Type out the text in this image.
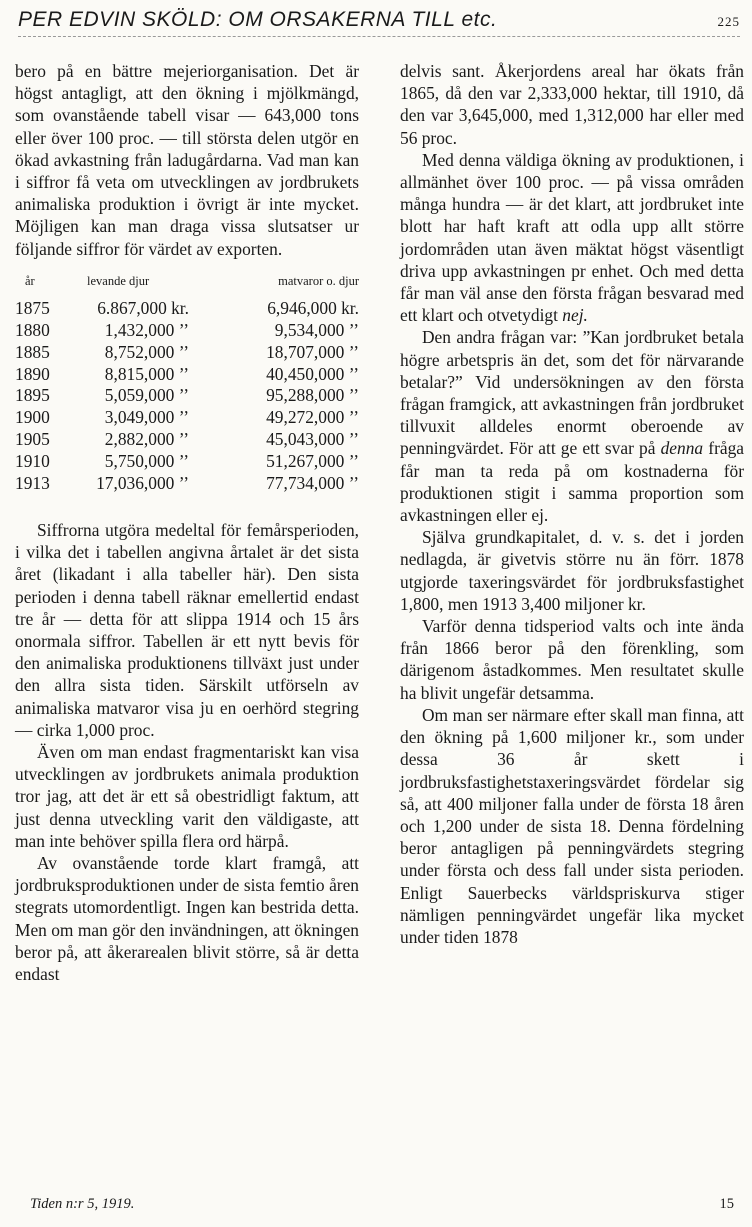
PER EDVIN SKÖLD: OM ORSAKERNA TILL etc.	225

bero på en bättre mejeriorganisation. Det är högst antagligt, att den ökning i mjölkmängd, som ovanstående tabell visar — 643,000 tons eller över 100 proc. — till största delen utgör en ökad avkastning från ladugårdarna. Vad man kan i siffror få veta om utvecklingen av jordbrukets animaliska produktion i övrigt är inte mycket. Möjligen kan man draga vissa slutsatser ur följande siffror för värdet av exporten.

år	levande djur	matvaror o. djur
1875	6.867,000 kr.	6,946,000 kr.
1880	1,432,000 ’’	9,534,000 ’’
1885	8,752,000 ’’	18,707,000 ’’
1890	8,815,000 ’’	40,450,000 ’’
1895	5,059,000 ’’	95,288,000 ’’
1900	3,049,000 ’’	49,272,000 ’’
1905	2,882,000 ’’	45,043,000 ’’
1910	5,750,000 ’’	51,267,000 ’’
1913	17,036,000 ’’	77,734,000 ’’

Siffrorna utgöra medeltal för femårsperioden, i vilka det i tabellen angivna årtalet är det sista året (likadant i alla tabeller här). Den sista perioden i denna tabell räknar emellertid endast tre år — detta för att slippa 1914 och 15 års onormala siffror. Tabellen är ett nytt bevis för den animaliska produktionens tillväxt just under den allra sista tiden. Särskilt utförseln av animaliska matvaror visa ju en oerhörd stegring — cirka 1,000 proc.

Även om man endast fragmentariskt kan visa utvecklingen av jordbrukets animala produktion tror jag, att det är ett så obestridligt faktum, att just denna utveckling varit den väldigaste, att man inte behöver spilla flera ord härpå.

Av ovanstående torde klart framgå, att jordbruksproduktionen under de sista femtio åren stegrats utomordentligt. Ingen kan bestrida detta. Men om man gör den invändningen, att ökningen beror på, att åkerarealen blivit större, så är detta endast

delvis sant. Åkerjordens areal har ökats från 1865, då den var 2,333,000 hektar, till 1910, då den var 3,645,000, med 1,312,000 har eller med 56 proc.

Med denna väldiga ökning av produktionen, i allmänhet över 100 proc. — på vissa områden många hundra — är det klart, att jordbruket inte blott har haft kraft att odla upp allt större jordområden utan även mäktat högst väsentligt driva upp avkastningen pr enhet. Och med detta får man väl anse den första frågan besvarad med ett klart och otvetydigt nej.

Den andra frågan var: ”Kan jordbruket betala högre arbetspris än det, som det för närvarande betalar?” Vid undersökningen av den första frågan framgick, att avkastningen från jordbruket tillvuxit alldeles enormt oberoende av penningvärdet. För att ge ett svar på denna fråga får man ta reda på om kostnaderna för produktionen stigit i samma proportion som avkastningen eller ej.

Själva grundkapitalet, d. v. s. det i jorden nedlagda, är givetvis större nu än förr. 1878 utgjorde taxeringsvärdet för jordbruksfastighet 1,800, men 1913 3,400 miljoner kr.

Varför denna tidsperiod valts och inte ända från 1866 beror på den förenkling, som därigenom åstadkommes. Men resultatet skulle ha blivit ungefär detsamma.

Om man ser närmare efter skall man finna, att den ökning på 1,600 miljoner kr., som under dessa 36 år skett i jordbruksfastighetstaxeringsvärdet fördelar sig så, att 400 miljoner falla under de första 18 åren och 1,200 under de sista 18. Denna fördelning beror antagligen på penningvärdets stegring under första och dess fall under sista perioden. Enligt Sauerbecks världspriskurva stiger nämligen penningvärdet ungefär lika mycket under tiden 1878

Tiden n:r 5, 1919.	15
